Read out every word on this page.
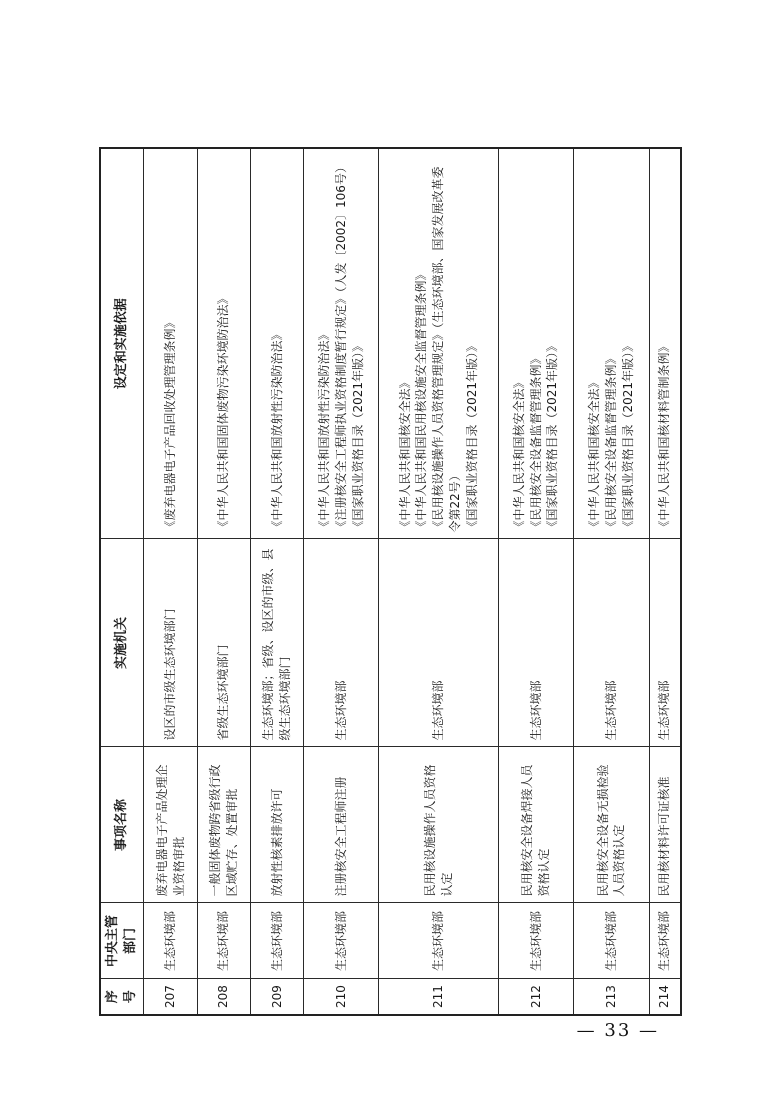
序号	中央主管部门	事项名称	实施机关	设定和实施依据
207	生态环境部	废弃电器电子产品处理企业资格审批	设区的市级生态环境部门	《废弃电器电子产品回收处理管理条例》

208	生态环境部	一般固体废物跨省级行政区域贮存、处置审批	省级生态环境部门	《中华人民共和国固体废物污染环境防治法》

209	生态环境部	放射性核素排放许可	生态环境部；省级、设区的市级、县级生态环境部门	《中华人民共和国放射性污染防治法》

210	生态环境部	注册核安全工程师注册	生态环境部	《中华人民共和国放射性污染防治法》 《注册核安全工程师执业资格制度暂行规定》（人发〔2002〕106号） 《国家职业资格目录（2021年版）》

211	生态环境部	民用核设施操作人员资格认定	生态环境部	《中华人民共和国核安全法》 《中华人民共和国民用核设施安全监督管理条例》 《民用核设施操作人员资格管理规定》（生态环境部、国家发展改革委令第22号） 《国家职业资格目录（2021年版）》

212	生态环境部	民用核安全设备焊接人员资格认定	生态环境部	《中华人民共和国核安全法》 《民用核安全设备监督管理条例》 《国家职业资格目录（2021年版）》

213	生态环境部	民用核安全设备无损检验人员资格认定	生态环境部	《中华人民共和国核安全法》 《民用核安全设备监督管理条例》 《国家职业资格目录（2021年版）》

214	生态环境部	民用核材料许可证核准	生态环境部	《中华人民共和国核材料管制条例》
— 33 —
